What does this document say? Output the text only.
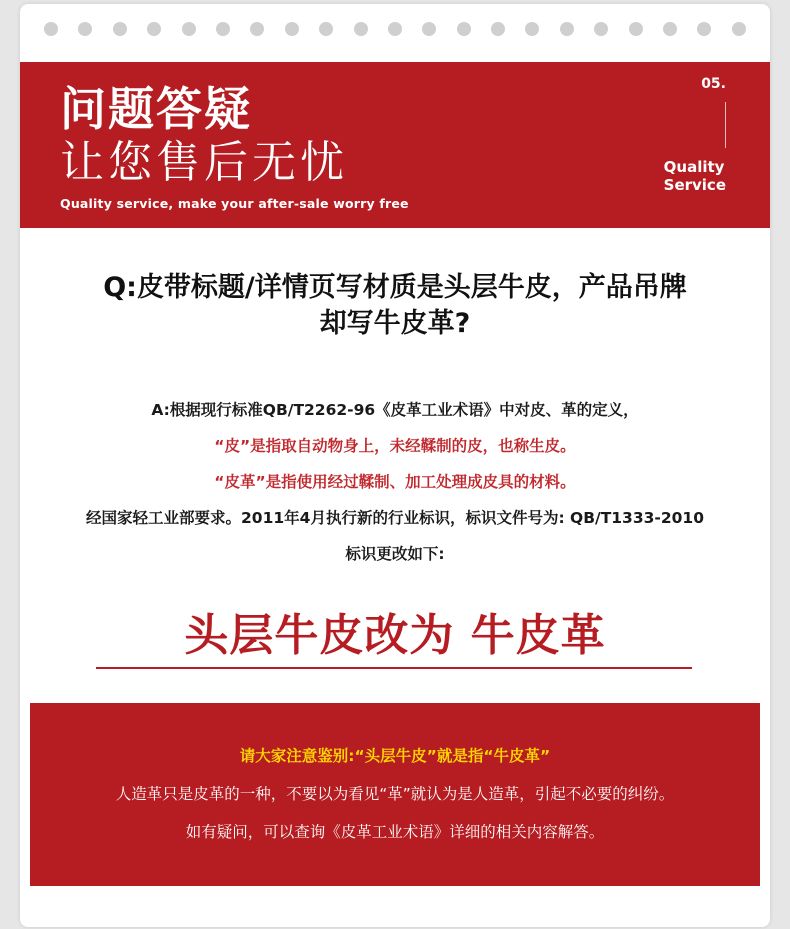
问题答疑
让您售后无忧
Quality service, make your after-sale worry free
05.
Quality
Service
Q:皮带标题/详情页写材质是头层牛皮，产品吊牌
却写牛皮革?
A:根据现行标准QB/T2262-96《皮革工业术语》中对皮、革的定义，
“皮”是指取自动物身上，未经鞣制的皮，也称生皮。
“皮革”是指使用经过鞣制、加工处理成皮具的材料。
经国家轻工业部要求。2011年4月执行新的行业标识，标识文件号为: QB/T1333-2010
标识更改如下:
头层牛皮改为 牛皮革
请大家注意鉴别:“头层牛皮”就是指“牛皮革”
人造革只是皮革的一种，不要以为看见“革”就认为是人造革，引起不必要的纠纷。
如有疑问，可以查询《皮革工业术语》详细的相关内容解答。
